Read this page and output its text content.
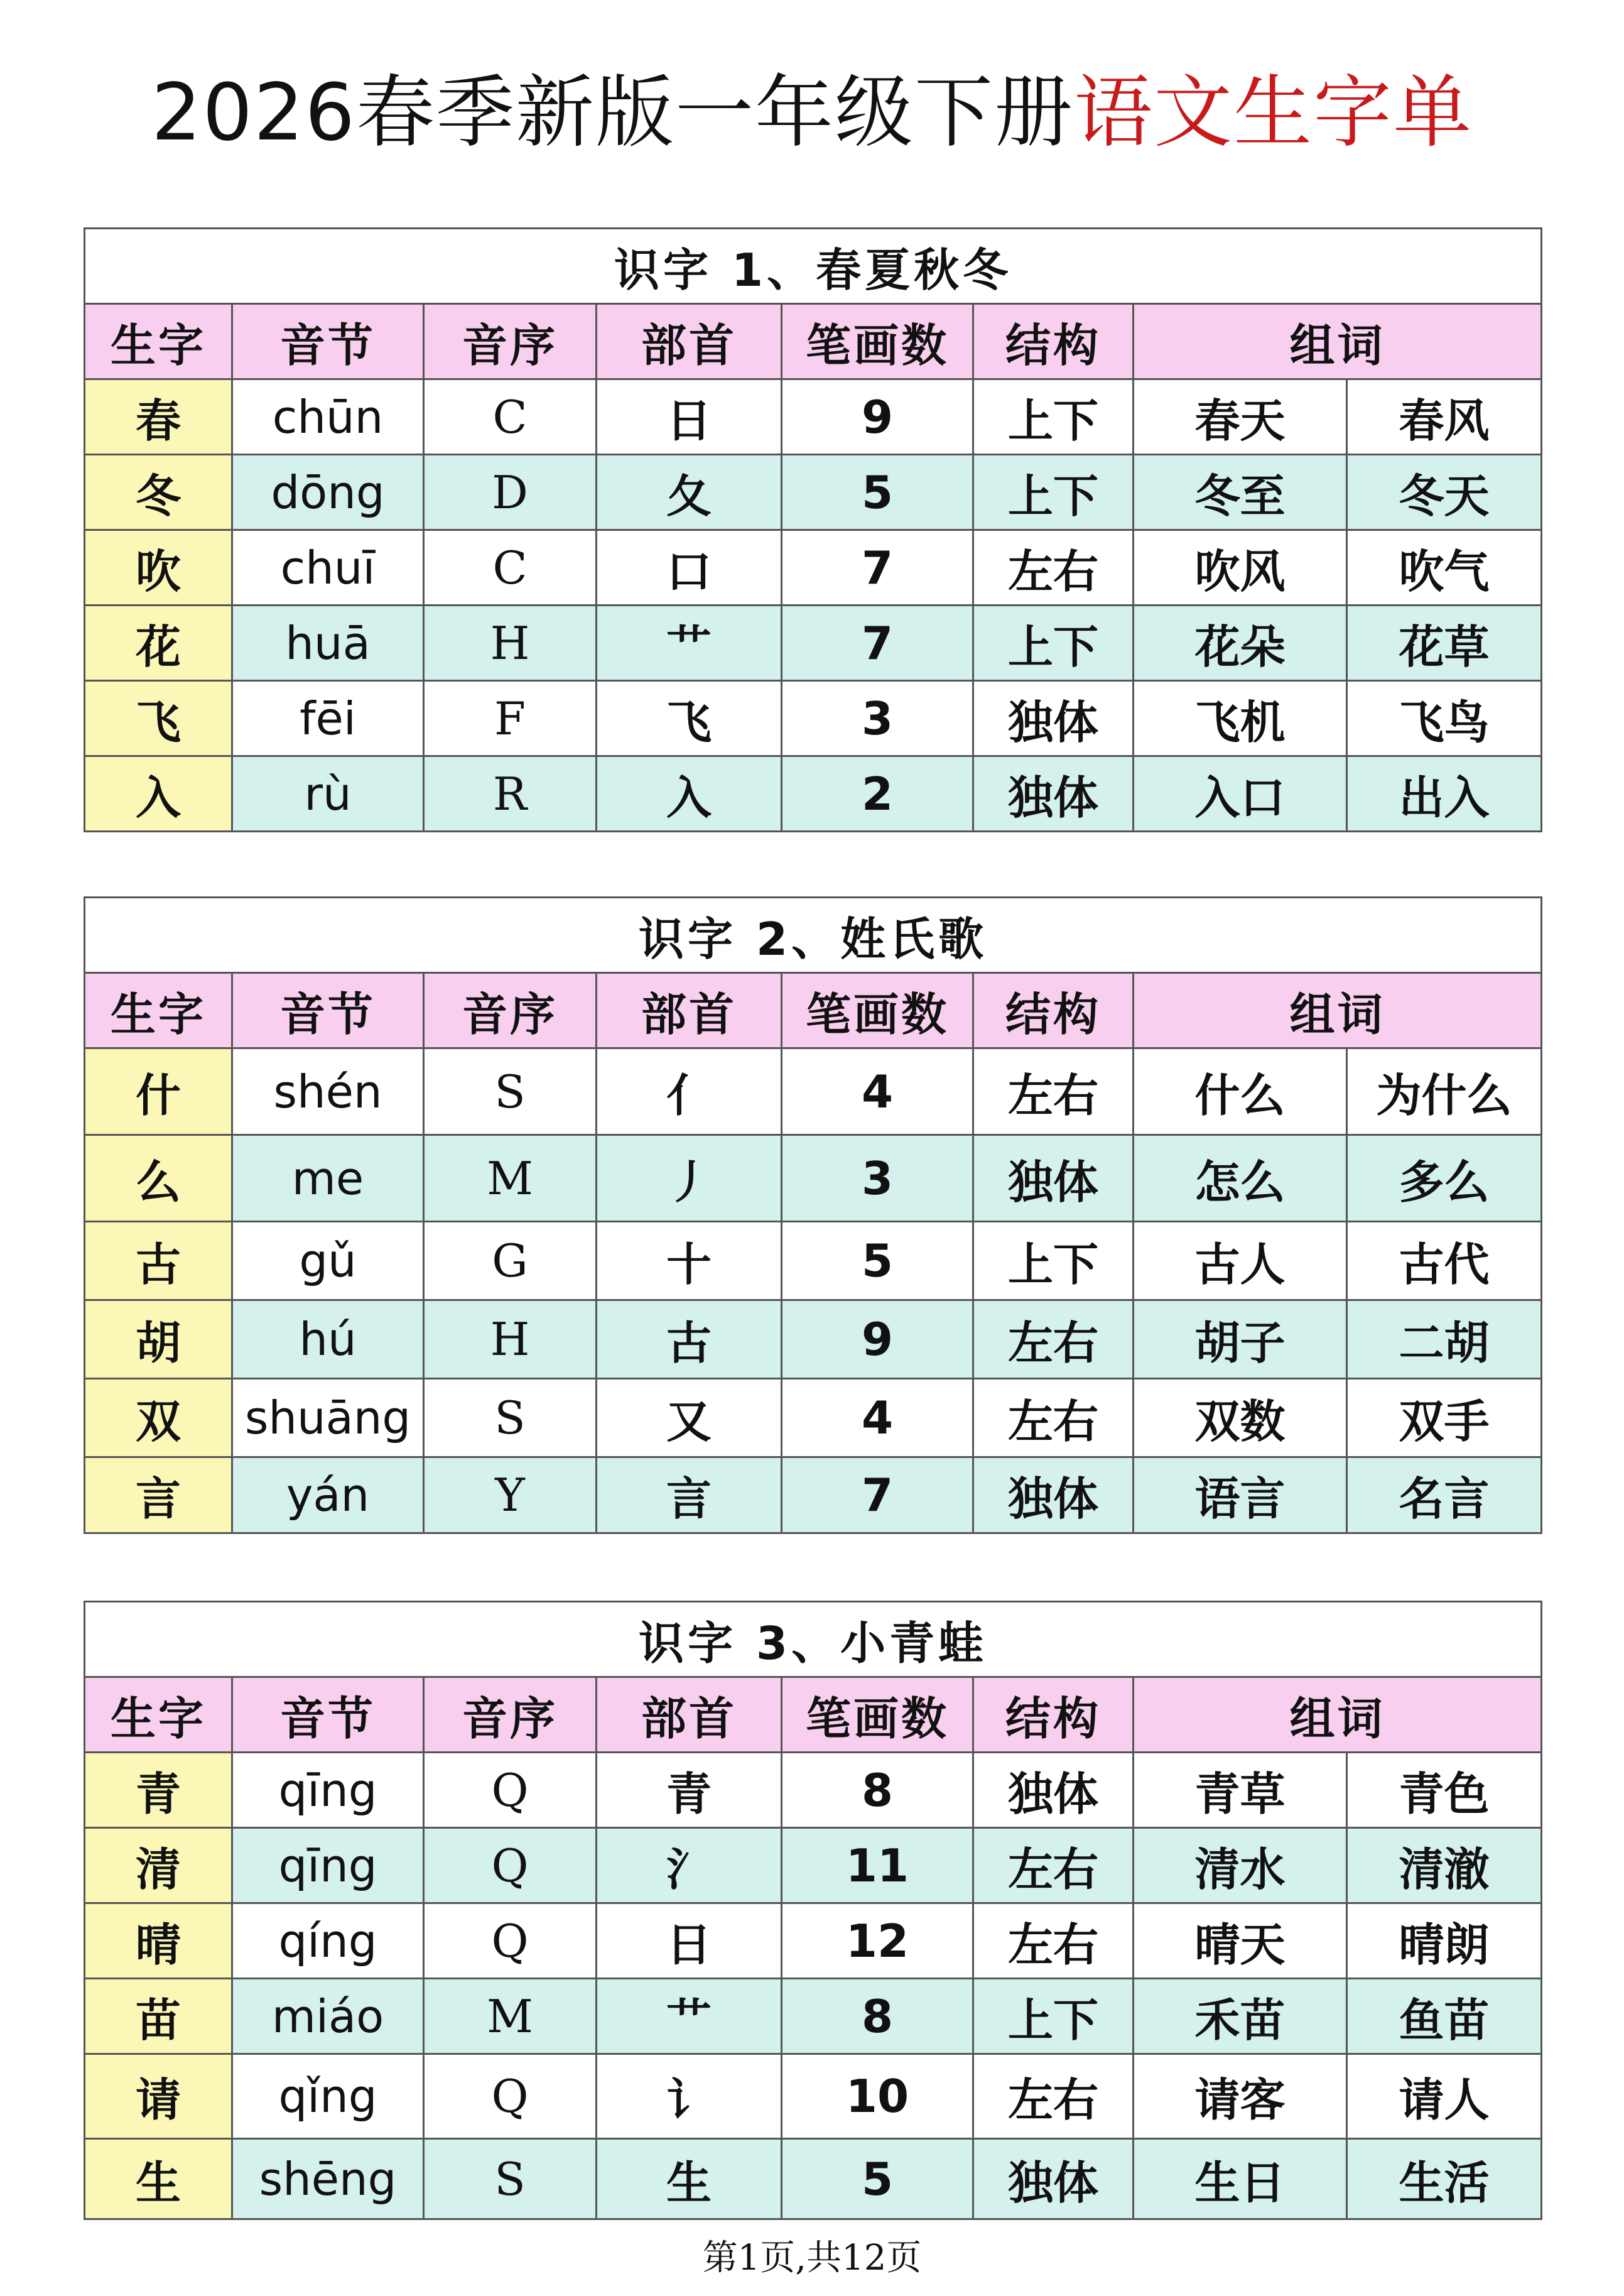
2026春季新版一年级下册语文生字单
识字 1、春夏秋冬							
生字	音节	音序	部首	笔画数	结构	组词	
春	chūn	C	日	9	上下	春天	春风
冬	dōng	D	夂	5	上下	冬至	冬天
吹	chuī	C	口	7	左右	吹风	吹气
花	huā	H	艹	7	上下	花朵	花草
飞	fēi	F	飞	3	独体	飞机	飞鸟
入	rù	R	入	2	独体	入口	出入
识字 2、姓氏歌							
生字	音节	音序	部首	笔画数	结构	组词	
什	shén	S	亻	4	左右	什么	为什么
么	me	M	丿	3	独体	怎么	多么
古	gǔ	G	十	5	上下	古人	古代
胡	hú	H	古	9	左右	胡子	二胡
双	shuāng	S	又	4	左右	双数	双手
言	yán	Y	言	7	独体	语言	名言
识字 3、小青蛙							
生字	音节	音序	部首	笔画数	结构	组词	
青	qīng	Q	青	8	独体	青草	青色
清	qīng	Q	氵	11	左右	清水	清澈
晴	qíng	Q	日	12	左右	晴天	晴朗
苗	miáo	M	艹	8	上下	禾苗	鱼苗
请	qǐng	Q	讠	10	左右	请客	请人
生	shēng	S	生	5	独体	生日	生活
第1页,共12页
